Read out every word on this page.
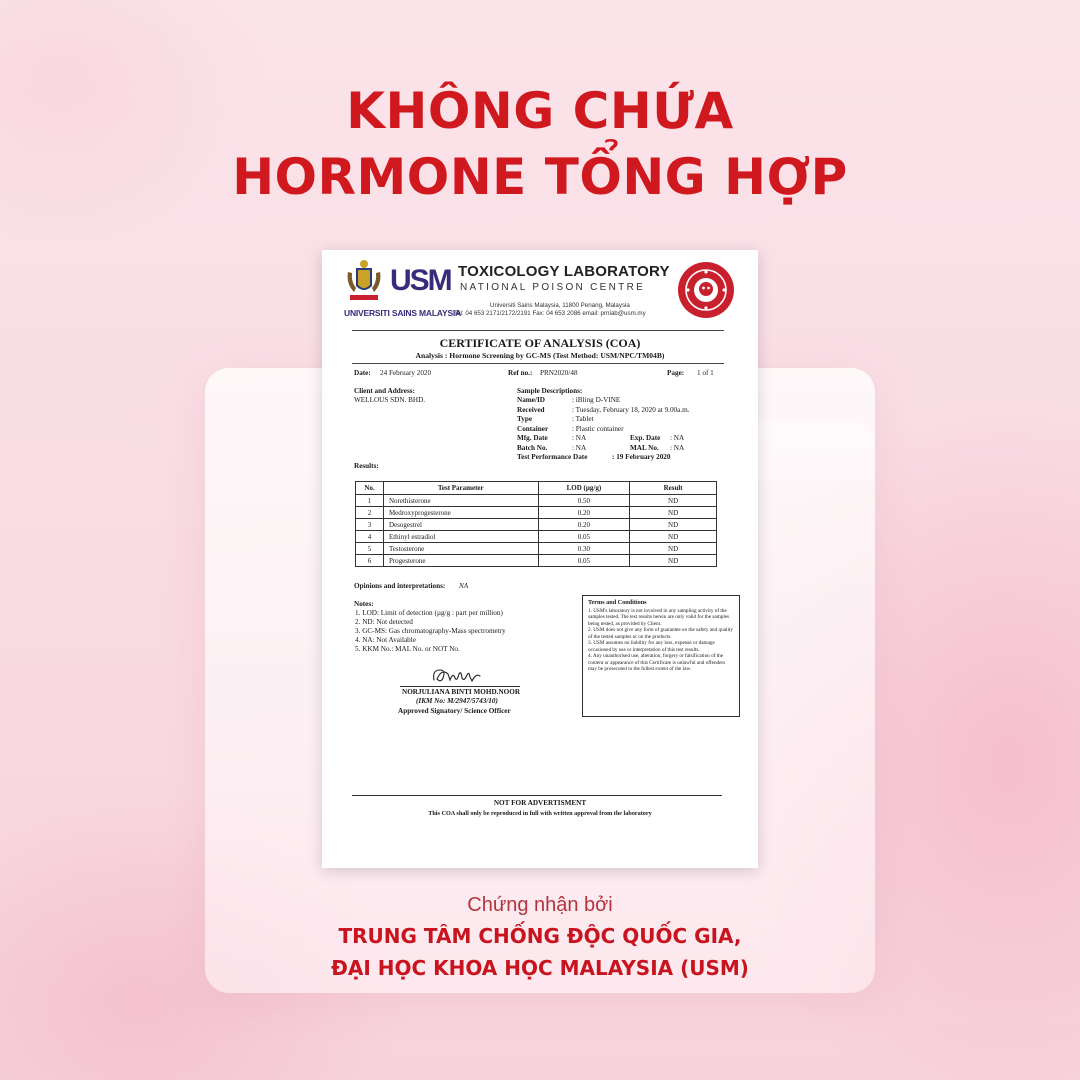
KHÔNG CHỨA
HORMONE TỔNG HỢP
USM
UNIVERSITI SAINS MALAYSIA
TOXICOLOGY LABORATORY
NATIONAL POISON CENTRE
Universiti Sains Malaysia, 11800 Penang, Malaysia
Tel: 04 653 2171/2172/2191 Fax: 04 653 2086 email: prnlab@usm.my
CERTIFICATE OF ANALYSIS (COA)
Analysis : Hormone Screening by GC-MS (Test Method: USM/NPC/TM04B)
Date: 24 February 2020	Ref no.: PRN2020/48	Page: 1 of 1
Client and Address:
WELLOUS SDN. BHD.
Sample Descriptions:
Name/ID	: iBling D-VINE
Received	: Tuesday, February 18, 2020 at 9.00a.m.
Type	: Tablet
Container	: Plastic container
Mfg. Date	: NA	Exp. Date : NA
Batch No.	: NA	MAL No. : NA
Test Performance Date	: 19 February 2020
Results:
No.	Test Parameter	LOD (µg/g)	Result
1	Norethisterone	0.50	ND
2	Medroxyprogesterone	0.20	ND
3	Desogestrel	0.20	ND
4	Ethinyl estradiol	0.05	ND
5	Testosterone	0.30	ND
6	Progesterone	0.05	ND
Opinions and interpretations: NA
Notes:
1. LOD: Limit of detection (µg/g : part per million)
2. ND: Not detected
3. GC-MS: Gas chromatography-Mass spectrometry
4. NA: Not Available
5. KKM No.: MAL No. or NOT No.
Terms and Conditions
1. USM's laboratory is not involved in any sampling activity of the samples tested. The test results herein are only valid for the samples being tested, as provided by Client.
2. USM does not give any form of guarantee on the safety and quality of the tested samples or on the products.
3. USM assumes no liability for any loss, expense or damage occasioned by use or interpretation of this test results.
4. Any unauthorised use, alteration, forgery or falsification of the content or appearance of this Certificate is unlawful and offenders may be prosecuted to the fullest extent of the law.
NORJULIANA BINTI MOHD.NOOR
(IKM No: M/2947/5743/10)
Approved Signatory/ Science Officer
NOT FOR ADVERTISMENT
This COA shall only be reproduced in full with written approval from the laboratory
Chứng nhận bởi
TRUNG TÂM CHỐNG ĐỘC QUỐC GIA,
ĐẠI HỌC KHOA HỌC MALAYSIA (USM)
